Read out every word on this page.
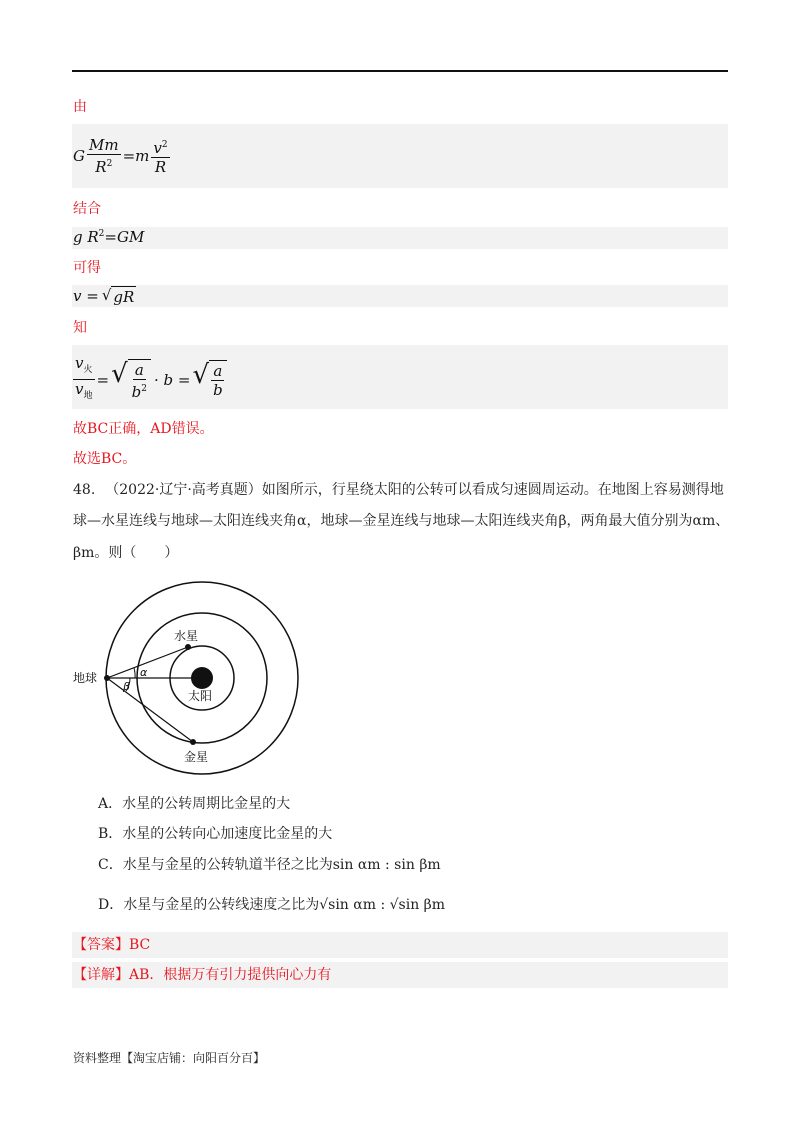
由
G $\frac{Mm}{R^2} = m \frac{v^2}{R}$
结合
g $R^2=GM$
可得
v = √ gR
知
$\frac{v_火}{v_地}$ = √ $\frac{a}{b^2} \cdot b$ = √ $\frac{a}{b}$
故BC正确，AD错误。
故选BC。
48. （2022·辽宁·高考真题）如图所示，行星绕太阳的公转可以看成匀速圆周运动。在地图上容易测得地
球—水星连线与地球—太阳连线夹角α，地球—金星连线与地球—太阳连线夹角β，两角最大值分别为αm、
βm。则（　　）
地球
水星
太阳
金星
α
β
A．水星的公转周期比金星的大
B．水星的公转向心加速度比金星的大
C．水星与金星的公转轨道半径之比为sin αm : sin βm
D．水星与金星的公转线速度之比为√sin αm : √sin βm
【答案】BC
【详解】AB．根据万有引力提供向心力有
资料整理【淘宝店铺：向阳百分百】
